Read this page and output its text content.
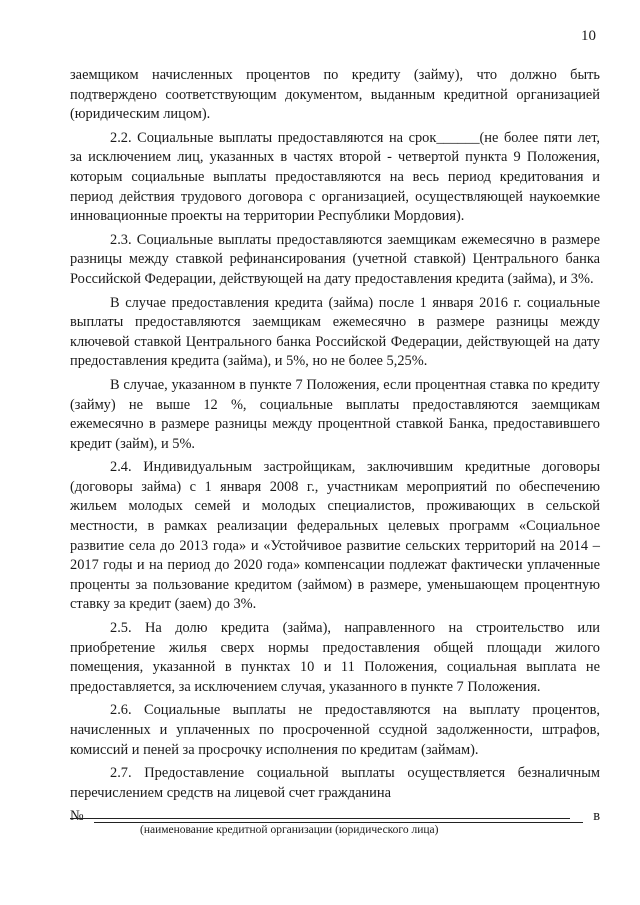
10

заемщиком начисленных процентов по кредиту (займу), что должно быть подтверждено соответствующим документом, выданным кредитной организацией (юридическим лицом).

2.2. Социальные выплаты предоставляются на срок______(не более пяти лет, за исключением лиц, указанных в частях второй - четвертой пункта 9 Положения, которым социальные выплаты предоставляются на весь период кредитования и период действия трудового договора с организацией, осуществляющей наукоемкие инновационные проекты на территории Республики Мордовия).

2.3. Социальные выплаты предоставляются заемщикам ежемесячно в размере разницы между ставкой рефинансирования (учетной ставкой) Центрального банка Российской Федерации, действующей на дату предоставления кредита (займа), и 3%.

В случае предоставления кредита (займа) после 1 января 2016 г. социальные выплаты предоставляются заемщикам ежемесячно в размере разницы между ключевой ставкой Центрального банка Российской Федерации, действующей на дату предоставления кредита (займа), и 5%, но не более 5,25%.

В случае, указанном в пункте 7 Положения, если процентная ставка по кредиту (займу) не выше 12 %, социальные выплаты предоставляются заемщикам ежемесячно в размере разницы между процентной ставкой Банка, предоставившего кредит (займ), и 5%.

2.4. Индивидуальным застройщикам, заключившим кредитные договоры (договоры займа) с 1 января 2008 г., участникам мероприятий по обеспечению жильем молодых семей и молодых специалистов, проживающих в сельской местности, в рамках реализации федеральных целевых программ «Социальное развитие села до 2013 года» и «Устойчивое развитие сельских территорий на 2014 – 2017 годы и на период до 2020 года» компенсации подлежат фактически уплаченные проценты за пользование кредитом (займом) в размере, уменьшающем процентную ставку за кредит (заем) до 3%.

2.5. На долю кредита (займа), направленного на строительство или приобретение жилья сверх нормы предоставления общей площади жилого помещения, указанной в пунктах 10 и 11 Положения, социальная выплата не предоставляется, за исключением случая, указанного в пункте 7 Положения.

2.6. Социальные выплаты не предоставляются на выплату процентов, начисленных и уплаченных по просроченной ссудной задолженности, штрафов, комиссий и пеней за просрочку исполнения по кредитам (займам).

2.7. Предоставление социальной выплаты осуществляется безналичным перечислением средств на лицевой счет гражданина

№	в
(наименование кредитной организации (юридического лица)
